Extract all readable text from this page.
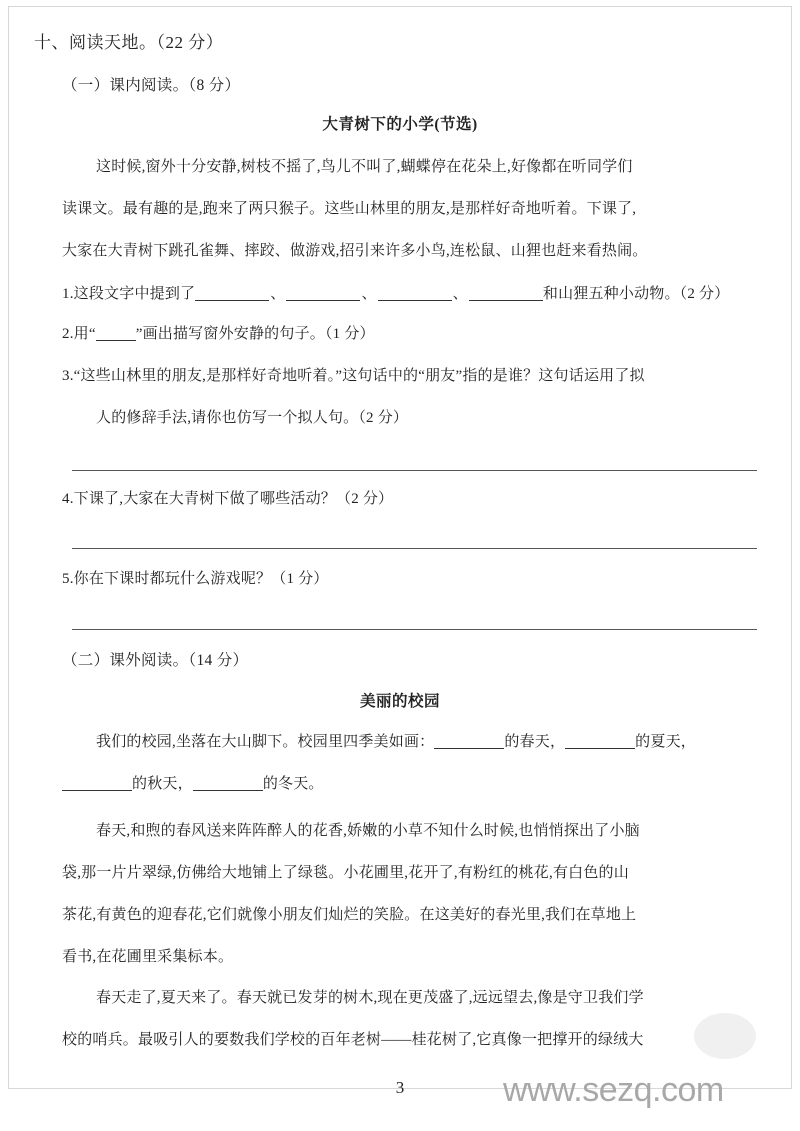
十、阅读天地。（22 分）
（一）课内阅读。（8 分）
大青树下的小学(节选)
这时候,窗外十分安静,树枝不摇了,鸟儿不叫了,蝴蝶停在花朵上,好像都在听同学们
读课文。最有趣的是,跑来了两只猴子。这些山林里的朋友,是那样好奇地听着。下课了,
大家在大青树下跳孔雀舞、摔跤、做游戏,招引来许多小鸟,连松鼠、山狸也赶来看热闹。
1.这段文字中提到了	、	、	、	和山狸五种小动物。（2 分）
2.用“	”画出描写窗外安静的句子。（1 分）
3.“这些山林里的朋友,是那样好奇地听着。”这句话中的“朋友”指的是谁？这句话运用了拟
人的修辞手法,请你也仿写一个拟人句。（2 分）
4.下课了,大家在大青树下做了哪些活动？（2 分）
5.你在下课时都玩什么游戏呢？（1 分）
（二）课外阅读。（14 分）
美丽的校园
我们的校园,坐落在大山脚下。校园里四季美如画：	的春天，	的夏天，
的秋天，	的冬天。
春天,和煦的春风送来阵阵醉人的花香,娇嫩的小草不知什么时候,也悄悄探出了小脑
袋,那一片片翠绿,仿佛给大地铺上了绿毯。小花圃里,花开了,有粉红的桃花,有白色的山
茶花,有黄色的迎春花,它们就像小朋友们灿烂的笑脸。在这美好的春光里,我们在草地上
看书,在花圃里采集标本。
春天走了,夏天来了。春天就已发芽的树木,现在更茂盛了,远远望去,像是守卫我们学
校的哨兵。最吸引人的要数我们学校的百年老树——桂花树了,它真像一把撑开的绿绒大
3	www.sezq.com
